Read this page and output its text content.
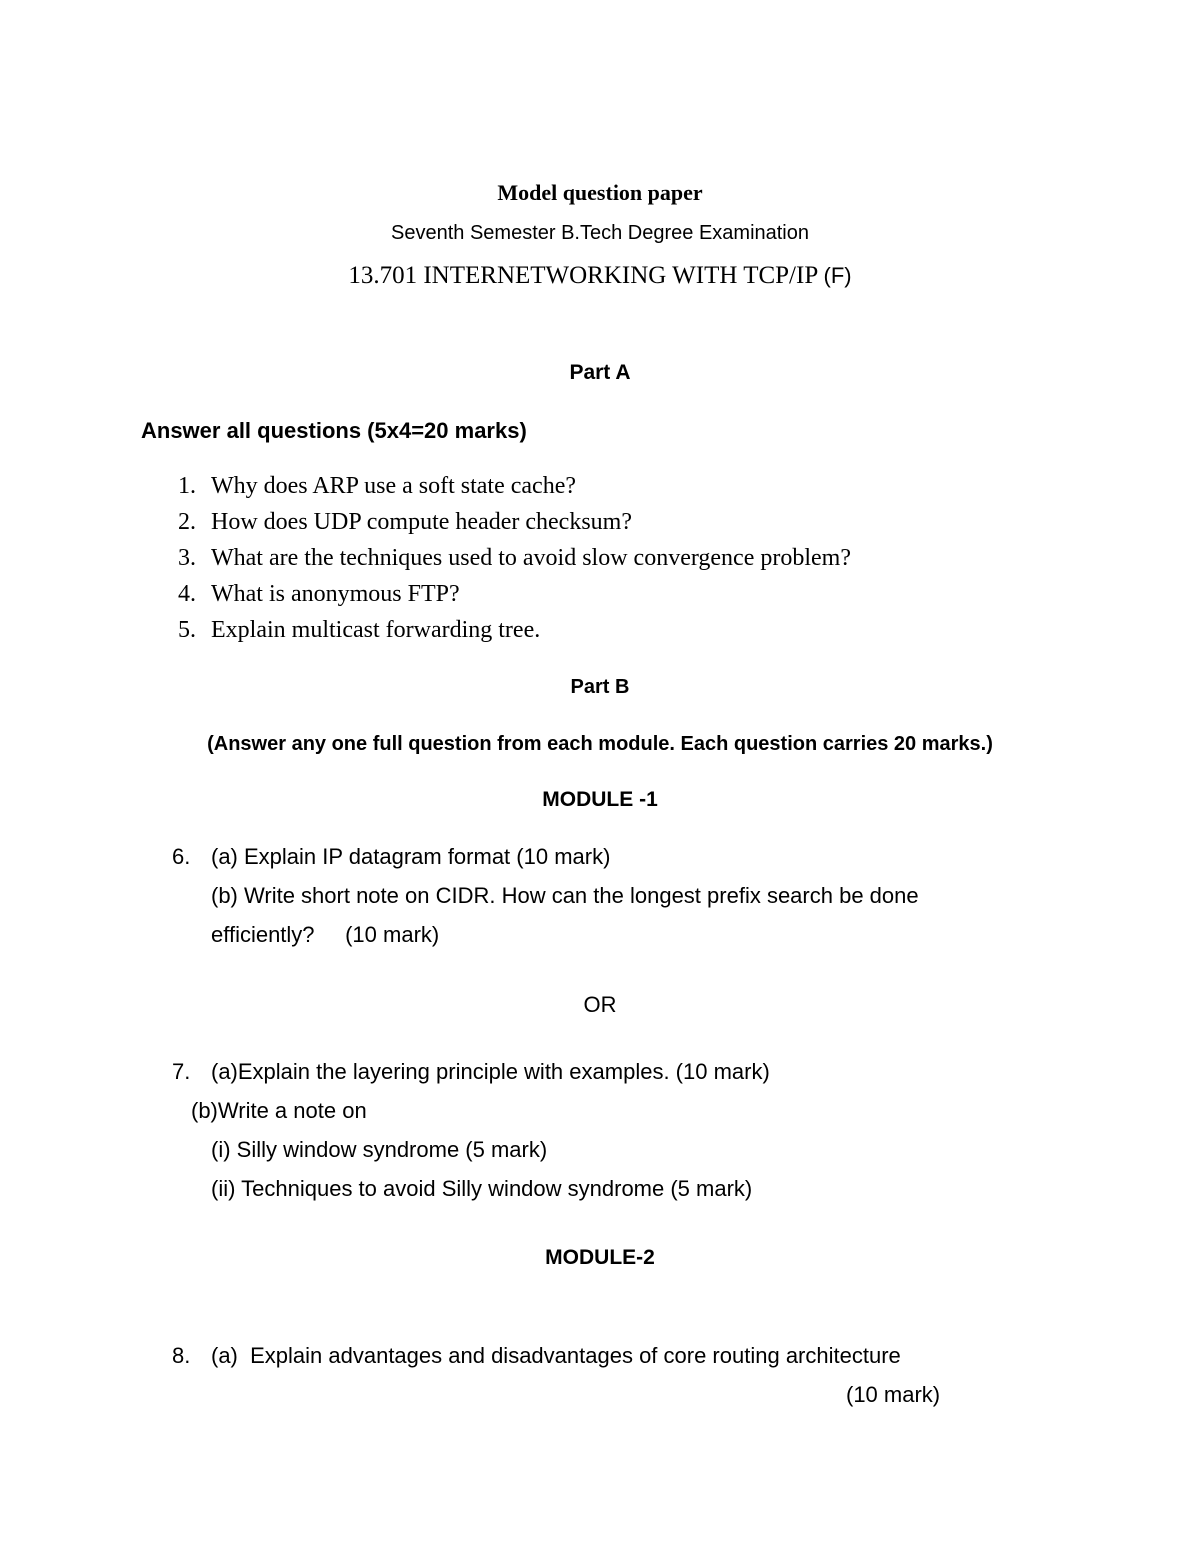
Model question paper
Seventh Semester B.Tech Degree Examination
13.701 INTERNETWORKING WITH TCP/IP (F)
Part A
Answer all questions (5x4=20 marks)
1. Why does ARP use a soft state cache?
2. How does UDP compute header checksum?
3. What are the techniques used to avoid slow convergence problem?
4. What is anonymous FTP?
5. Explain multicast forwarding tree.
Part B
(Answer any one full question from each module. Each question carries 20 marks.)
MODULE -1
6. (a) Explain IP datagram format (10 mark)
(b) Write short note on CIDR. How can the longest prefix search be done
efficiently?     (10 mark)
OR
7. (a)Explain the layering principle with examples. (10 mark)
(b)Write a note on
(i) Silly window syndrome (5 mark)
(ii) Techniques to avoid Silly window syndrome (5 mark)
MODULE-2
8. (a)  Explain advantages and disadvantages of core routing architecture
(10 mark)
